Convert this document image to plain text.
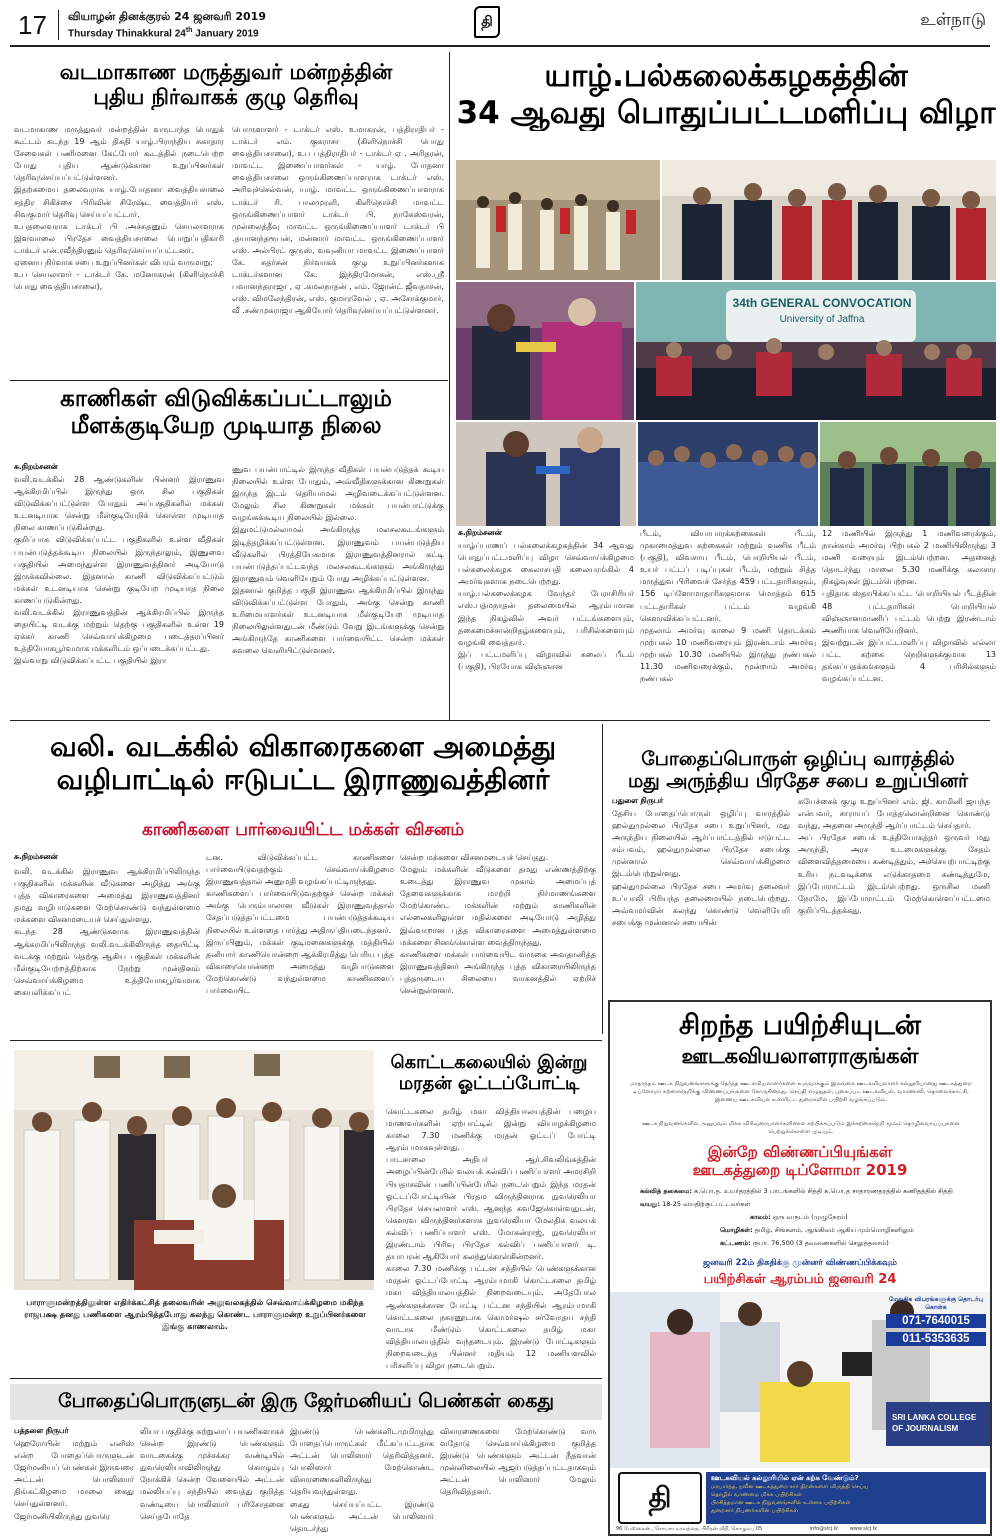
17 வியாழன் தினக்குரல் 24 ஜனவரி 2019
Thursday Thinakkural 24th January 2019
தி	உள்நாடு
வடமாகாண மருத்துவர் மன்றத்தின்
புதிய நிர்வாகக் குழு தெரிவு
வடமாகாண மருத்துவர் மன்றத்தின் வருடாந்த பொதுக் கூட்டம் கடந்த 19 ஆம் திகதி யாழ்.பிராந்திய சுகாதார சேவைகள் பணிமனை கேட்போர் கூடத்தில் நடைபெற்ற போது புதிய ஆண்டுக்கான உறுப்பினர்கள் தெரிவுசெய்யப்பட்டுள்ளனர்.
இதற்கமைய தலைவராக யாழ்.போதனா வைத்தியசாலை சத்திர சிகிச்சை பிரிவின் சிரேஷ்ட வைத்தியர் எஸ். சிவகுமார் தெரிவு செய்யப்பட்டார்.
உபதலைவராக டாக்டர் பி .அச்சுதனும் செயலாளராக இளவாலை பிரதேச வைத்தியசாலை பொறுப்பதிகாரி டாக்டர் என்.ரவீந்திரனும் தெரிவுசெய்யப்பட்டனர்.
ஏனைய நிர்வாக சபை உறுப்பினர்கள் விபரம் வருமாறு:
உப செயலாளர் - டாக்டர் கே. மனோகரன் (கிளிநொச்சி பொது வைத்தியசாலை),
பொருளாளர் - டாக்டர் எஸ். உமாகரன், பத்திராதிபர் - டாக்டர் எம். குகராசா (கிளிநொச்சி பொது வைத்தியசாலை), உப பத்திராதிபர் - டாக்டர் ஏ . அரிதரன், மாவட்ட இணைப்பாளர்கள் - யாழ். போதனா வைத்தியசாலை ஒருங்கிணைப்பாளராக டாக்டர் எஸ். அரிவுச்செல்வன், யாழ். மாவட்ட ஒருங்கிணைப்பாளராக டாக்டர் ரி. பாலமுரளி, கிளிநொச்சி மாவட்ட ஒருங்கிணைப்பாளர் டாக்டர் பி. நாகேஸ்வரன், முல்லைத்தீவு மாவட்ட ஒருங்கிணைப்பாளர் டாக்டர் பி .தயானந்தரூபன், மன்னார் மாவட்ட ஒருங்கிணைப்பாளர் எஸ். அல்பிரட் குருஸ், வவுனியா மாவட்ட இணைப்பாளர் கே. சுதர்சன் நிர்வாகக் குழு உறுப்பினர்களாக டாக்டர்களான கே. இந்திரமோகன், எஸ்.ஸ்ரீ பவானந்தராஜா , ஏ .கமலநாதன் , எம். ஜோன்ட் ஜீவதாசன், எஸ். விமலேந்திரன், எஸ். குமாரவேல் , ஏ. அசோக்குமார், வீ .சண்முகராஜா ஆகியோர் தெரிவுசெய்யப்பட்டுள்ளனர்.
காணிகள் விடுவிக்கப்பட்டாலும்
மீளக்குடியேற முடியாத நிலை
சு.நிறம்சனன்
வலி.வடக்கில் 28 ஆண்டுகளின் பின்னர் இராணுவ ஆக்கிரமிப்பில் இருந்து ஒரு சில பகுதிகள் விடுவிக்கப்பட்டுள்ள போதும் அப்பகுதிகளில் மக்கள் உடனடியாக சென்று மீள்குடியேறிக் கொள்ள முடியாத நிலை காணப்படுகின்றது.
குறிப்பாக விடுவிக்கப்பட்ட பகுதிகளில் உள்ள வீதிகள் பயன்படுத்தக்கூடிய நிலையில் இருந்தாலும், இணுவை பகுதியில் அமைந்துள்ள இராணுவத்தினர் அடியோடு இருக்கவில்லை. இதனால் காணி விடுவிக்கப்பட்டும் மக்கள் உடனடியாக சென்று குடியேற முடியாத நிலை காணப்படுகின்றது.
வலி.வடக்கில் இராணுவத்தின் ஆக்கிரமிப்பில் இருந்த தையிட்டி வடக்கு மற்றும் தெற்கு பகுதிகளில் உள்ள 19 ஏக்கர் காணி செவ்வாய்க்கிழமை படைத்தரப்பினர் உத்தியோகபூர்வமாக மக்களிடம் ஒப்படைக்கப்பட்டது.
இவ்வாறு விடுவிக்கப்பட்ட பகுதியில் இரா
ணுவ பயன்பாட்டில் இருந்த வீதிகள் பயன்படுத்தக் கூடிய நிலையில் உள்ள போதும், அவ்வீதிகளுக்கான கிணறுகள் இருந்த இடம் தெரியாமல் அழிவடைக்கப்பட்டுள்ளன. மேலும் சில கிணறுகள் மக்கள் பயன்பாட்டுக்கு வழங்கக்கூடிய நிலையில் இல்லை.
இதுமட்டுமல்லாமல் அங்கிருந்த மலசலகூடங்களும் இடித்தழிக்கப்பட்டுள்ளன. இராணுவம் பயன்படுத்திய வீடுகளில் பிரத்தியேகமாக இராணுவத்தினரால் கட்டி பயன்படுத்தப்பட்டவந்த மலசலகூடங்களும் அங்கிருந்து இராணுவம் வெளியேறும் போது அழிக்கப்பட்டுள்ளன.
இதனால் குறித்த பகுதி இராணுவ ஆக்கிரமிப்பில் இருந்து விடுவிக்கப்பட்டுள்ள போதும், அங்கு சென்று காணி உரிமையாளர்கள் உடனடியாக மீள்குடியேற முடியாத நிலையிலுள்ளதுடன் மீண்டும் வேறு இடங்களுக்கு சென்று அங்கிருந்தே காணிகளை பார்வையிட்ட சென்ற மக்கள் கவலை வெளியிட்டுள்ளனர்.
யாழ்.பல்கலைக்கழகத்தின்
34 ஆவது பொதுப்பட்டமளிப்பு விழா
34th GENERAL CONVOCATION
University of Jaffna
சு.நிறம்சனன்
யாழ்ப்பாணப் பல்கலைக்கழகத்தின் 34 ஆவது பொதுப்பட்டமளிப்பு விழா செவ்வாய்க்கிழமை பல்கலைக்கழக கைலாசபதி கலையரங்கில் 4 அமர்வுகளாக நடைபெற்றது.
யாழ்.பல்கலைக்கழக வேந்தர் பேராசிரியர் எஸ்.பத்மநாதன் தலைமையில் ஆரம்பமான இந்த நிகழ்வில் அவர் பட்டங்களையும், தகைமைச்சான்றிதழ்களையும், பரிசில்களையும் வழங்கி வைத்தார்.
இப் பட்டமளிப்பு விழாவில் கலைப் பீடம் (பகுதி), பிரயோக விஞ்ஞான
பீடம், வியாபாரக்கற்கைகள் பீடம், முகாமைத்துவ கற்கைகள் மற்றும் வணிக பீடம் (பகுதி), விவசாய பீடம், பொறியியல் பீடம், உயர் பட்டப் படிப்புகள் பீடம், மற்றும் சித்த மருத்துவ பிரிவைச் சேர்ந்த 459 பட்டதாரிகளும், 156 டிப்ளோமாதாரிகளுமாக மொத்தம் 615 பட்டதாரிகள் பட்டம் வழங்கி கௌரவிக்கப்பட்டனர்.
முதலாம் அமர்வு காலை 9 மணி தொடக்கம் முற்பகல் 10 மணிவரையும் இரண்டாம் அமர்வு முற்பகல் 10.30 மணியில் இருந்து நண்பகல் 11.30 மணிவரைக்கும், மூன்றாம் அமர்வு நண்பகல்
12 மணியில் இருந்து 1 மணிவரைக்கும், நான்காம் அமர்வு பிற்பகல் 2 மணியிலிருந்து 3 மணி வரையும் இடம்பெற்றன. அதனைத் தொடர்ந்து மாலை 5.30 மணிக்கு கலாசார நிகழ்வுகள் இடம்பெற்றன.
புதிதாக ஸ்தாபிக்கப்பட்ட பொறியியல் பீடத்தின் 48 பட்டதாரிகள் பொறியியல் விஞ்ஞானமாணிப் பட்டம் பெற்று இரண்டாம் அணியாக வெளியேறினர்.
இவற்றுடன் இப்பட்டமளிப்பு விழாவில் எல்லா பட்ட கற்கை நெறிகளுக்குமாக 13 தங்கப்பதக்கங்களும் 4 பரிசில்களும் வழங்கப்பட்டன.
வலி. வடக்கில் விகாரைகளை அமைத்து
வழிபாட்டில் ஈடுபட்ட இராணுவத்தினர்
காணிகளை பார்வையிட்ட மக்கள் விசனம்
சு.நிறம்சனன்
வலி. வடக்கில் இராணுவ ஆக்கிரமிப்பிலிருந்த பகுதிகளில் மக்களின் வீடுகளை அழித்து அங்கு புத்த விகாரைகளை அமைத்து இராணுவத்தினர் தமது வழிபாடுகளை மேற்கொண்டு வந்துள்ளமை மக்களை விசனமடையச் செய்துள்ளது.
கடந்த 28 ஆண்டுகளாக இராணுவத்தின் ஆக்கரமிப்பிலிருந்த வலி.வடக்கிலிருந்த தையிட்டி வடக்கு மற்றும் தெற்கு ஆகிய பகுதிகள் மக்களின் மீள்குடியேற்றத்திற்காக நேற்று முன்தினம் செவ்வாய்க்கிழமை உத்தியோகபூர்வமாக கையளிக்கப்பட்
டன. விடுவிக்கப்பட்ட காணிகளை பார்வையிடுவதற்கும் செவ்வாய்க்கிழமை இராணுவத்தால் அனுமதி வழங்கப்பட்டிருந்தது.
காணிகளைப் பார்வையிடுவதற்குச் சென்ற மக்கள் அங்கு பெரும்பாலான வீடுகள் இராணுவத்தால் சேதப்படுத்தப்பட்டமை பயன்படுத்தக்கூடிய நிலையில் உள்ளதை பார்த்து அதிருப்தியடைந்தனர்.
இருப்பினும், மக்கள் குடிமனைகளுக்கு மத்தியில் தனியார் காணியொன்றை ஆக்கிரமித்து பெரிய புத்த விகாரையொன்றை அமைத்து வழிபாடுகளை மேற்கொண்டு வந்துள்ளமை காணிகளைப் பார்வையிட
சென்ற மக்களை விசனமடையச் செய்தது.
மேலும் மக்களின் வீடுகளை தமது எண்ணத்திற்கு உடைத்து இராணுவ முகாம் அமைப்புத் தேவைகளுக்காக மாற்றி நிர்மாணங்களை மேற்கொண்ட மக்களின் மற்றும் காணிகளின் எல்லைகளிலுள்ள மதில்களை அடியோடு அழித்து இவ்வாறான புத்த விகாரைகளை அமைத்துள்ளமை மக்களை சினங்கொள்ள வைத்திருந்தது.
காணிகளை மக்கள் பார்வையிட வருகை அவதானித்த இராணுவத்தினர் அங்கிருந்த புத்த விகாரையிலிருந்த புத்தருடைய சிலையை வாகனத்தில் ஏற்றிச் சென்றுள்ளனர்.
போதைப்பொருள் ஒழிப்பு வாரத்தில்
மது அருந்திய பிரதேச சபை உறுப்பினர்
பதுளை நிருபர்
தேசிய போதைப்பொருள் ஒழிப்பு வாரத்தில் ஹல்துமுல்லை பிரதேச சபை உறுப்பினர், மது அருந்திய நிலையில் ஆர்ப்பாட்டத்தில் ஈடுபட்ட சம்பவம், ஹல்துமுல்லை பிரதேச சபைக்கு முன்னால் செவ்வாய்க்கிழமை இடம்பெற்றுள்ளது.
ஹல்துமுல்லை பிரதேச சபை அமர்வு தலைவர் உப்பாலி பிரியந்த தலைமையில் நடைபெற்றது. அவ்வமர்வின் கலந்து கொண்டு வெளியேறி சபைக்கு முன்னால் சபையின்
சுயேச்சைக் குழு உறுப்பினர் எம். ஜி. காமினி ஜயந்த என்பவர், சாராயப் போத்தலொன்றினை கொண்டு வந்து, அதனை அருந்தி ஆர்ப்பாட்டம் செய்தார்.
அப் பிரதேச சபைக் உத்தியோகத்தர் ஒருவர் மது அருந்தி, அரச உடமைகளுக்கு சேதம் விளைவித்தமையை கண்டித்தும், அச்செயற்பாட்டிற்கு உரிய நடவடிக்கை எடுக்காதமை கண்டித்துமே, இப்போராட்டம் இடம்பெற்றது. ஒருசில மணி நேரமே, இப்போராட்டம் மேற்கொள்ளப்பட்டமை குறிப்பிடத்தக்கது.
பாராளுமன்றத்திலுள்ள எதிர்க்கட்சித் தலைவரின் அலுவலகத்தில் செவ்வாய்க்கிழமை மகிந்த ராஜபக்ஷ தனது பணிகளை ஆரம்பித்தபோது கலந்து கொண்ட பாராளுமன்ற உறுப்பினர்களை இங்கு காணலாம்.
கொட்டகலையில் இன்று
மரதன் ஓட்டப்போட்டி
கொட்டகலை தமிழ் மகா வித்தியாலயத்தின் பழைய மாணவர்களின் ஏற்பாட்டில் இன்று வியாழக்கிழமை காலை 7.30 மணிக்கு மரதன் ஓட்டப் போட்டி ஆரம்பமாகவுள்ளது.
பாடசாலை அதிபர் ஆர்.சிவலிங்கத்தின் அழைப்பின்பேரில் வலயக் கல்விப் பணிப்பாளர் அமரசிறி பியதாசவின் பணிப்பின்பேரில் நடைபெறும் இந்த மரதன் ஓட்டப்போட்டியின் பிரதம விருந்தினராக நுவரெலியா பிரதேச செயலாளர் எஸ். ஆனந்த சுவஜேகொள்வதுடன், கௌரவ விருந்தினர்களாக நுவரெலியா மேலதிக வலயக் கல்விப் பணிப்பாளர் எஸ். மோகன்ராஜ், நுவரெலியா இரண்டாம் பிரிவு பிரதேச கல்விப் பணிப்பாளர் டி. தயாபரன் ஆகியோர் கலந்துகொள்கின்றனர்.
காலை 7.30 மணிக்கு பட்டன சந்தியில் பெண்களுக்கான மரதன் ஓட்டப்போட்டி ஆரம்பமாகி கொட்டகலை தமிழ் மகா வித்தியாலயத்தில் நிறைவடையும். அதேபோல ஆண்களுக்கான போட்டி பட்டன சந்தியில் ஆரம்பமாகி கொட்டகலை நகரனூடாக கொமர்ஷல் சர்வோதய சந்தி வாடாக மீண்டும் கொட்டகலை தமிழ் மகா வித்தியாலயத்தில் வந்தடையும். இரண்டு போட்டிகளும் நிறைவடைந்த பின்னர் மதியம் 12 மணியளவில் பரிசளிப்பு விழா நடைபெறும்.
போதைப்பொருளுடன் இரு ஜேர்மனியப் பெண்கள் கைது
பத்தளை நிருபர்
ஹெரோயின் மற்றும் எனிஸ் என்ற போதைப்பொருளுடன் ஜேர்மனியப் பெண்கள் இருவரை அட்டன் பொலிஸார் திங்கட்கிழமை மாலை கைது செய்துள்ளனர்.
ஜேர்மனியிலிருந்து நுவரெ
லியா பகுதிக்கு சுற்றுலாப் பயணிகளாகச் சென்ற இரண்டு பெண்களும் வாடகைக்கு முச்சக்கர வண்டியில் நுவரெலியாவிலிருந்து கொழும்பு நோக்கிச் சென்ற வேளையில் அட்டன் மல்லியப்பு சந்தியில் வைத்து குறித்த வண்டியை பொலிஸார் பரிசோதனை செய்தபோதே
இரண்டு பெண்களிடமுமிருந்து போதைப்பொருட்கள் மீட்கப்பட்டதாக அட்டன் பொலிஸார் தெரிவித்தனர். பொலிஸார் மேற்கொண்ட விசாரணைகளிலிருந்து தெரியவந்துள்ளது.
கைது செய்யப்பட்ட இரண்டு பெண்களும் அட்டன் பொலிஸார் தொடர்ந்து
விசாரணைகளை மேற்கொண்டு வரு வதோடு செவ்வாய்க்கிழமை குறித்த இரண்டு பெண்களும் அட்டன் நீதவான் முன்னிலையில் ஆஜர்படுத்தப்பட்டதாகவும் அட்டன் பொலிஸார் மேலும் தெரிவித்தனர்.
சிறந்த பயிற்சியுடன்
ஊடகவியலாளராகுங்கள்
மாதாந்தம் ஊடக நிறுவனங்களுக்கு தேர்ந்த ஊடகவியலாளர்களை உருவாக்கும் இலங்கை ஊடகவியலாளர் கல்லூரியானது ஊடகத்துறை டிப்ளோமா கற்கைநெறிக்கு விண்ணப்பங்களை கோருகின்றது. செய்தி எழுதுதல், புகைப்பட ஊடகவியல், வானொலி, தொலைக்காட்சி, இணைய ஊடகவியல் உள்ளிட்ட துறைகளில் பயிற்சி வழங்கப்படும்.
ஊடக நிறுவனங்களில் அனுபவம் மிக்க விரிவுரையாளர்களினால் கற்பிக்கப்படும் இக்கற்கைநெறி மூலம் தொழில்வாய்ப்புகளை பெற்றுக்கொள்ள முடியும்.
இன்றே விண்ணப்பியுங்கள்
ஊடகத்துறை டிப்ளோமா 2019
கல்வித் தகைமை: க.பொ.த. உயர்தரத்தில் 3 பாடங்களில் சித்தி க.பொ.த சாதாரணதரத்தில் கணிதத்தில் சித்தி
வயது: 18-25 வயதிற்குட்பட்டவர்கள்
காலம்: ஒரு வருடம் (முழுநேரம்)
மொழிகள்: தமிழ், சிங்களம், ஆங்கிலம் ஆகிய மும்மொழிகளிலும்
கட்டணம்: ரூபா. 76,500 (3 தவணைகளில் செலுத்தலாம்)
ஜனவரி 22ம் திகதிக்கு முன்னர் விண்ணப்பிக்கவும்
பயிற்சிகள் ஆரம்பம் ஜனவரி 24
மேலதிக விபரங்களுக்கு தொடர்பு கொள்க
071-7640015
011-5353635
SRI LANKA COLLEGE OF JOURNALISM
தி
ஊடகவியல் கல்லூரியில் ஏன் கற்க வேண்டும்?
மரபார்ந்த, நவீன ஊடகத்துறை சார் திறன்களை விருத்தி செய்ய
தொழில் வாண்மை மிக்க பயிற்சிகள்
பிரசித்தமான ஊடக நிறுவனங்களில் உள்ளக பயிற்சிகள்
துறைசார் நிபுணர்களின் பயிற்சிகள்
96 பேஸ்லைன் , சொய்சா மாவத்தை, பிரிதன் வீதி, கொழும்பு 05	info@slcj.lk www.slcj.lk
